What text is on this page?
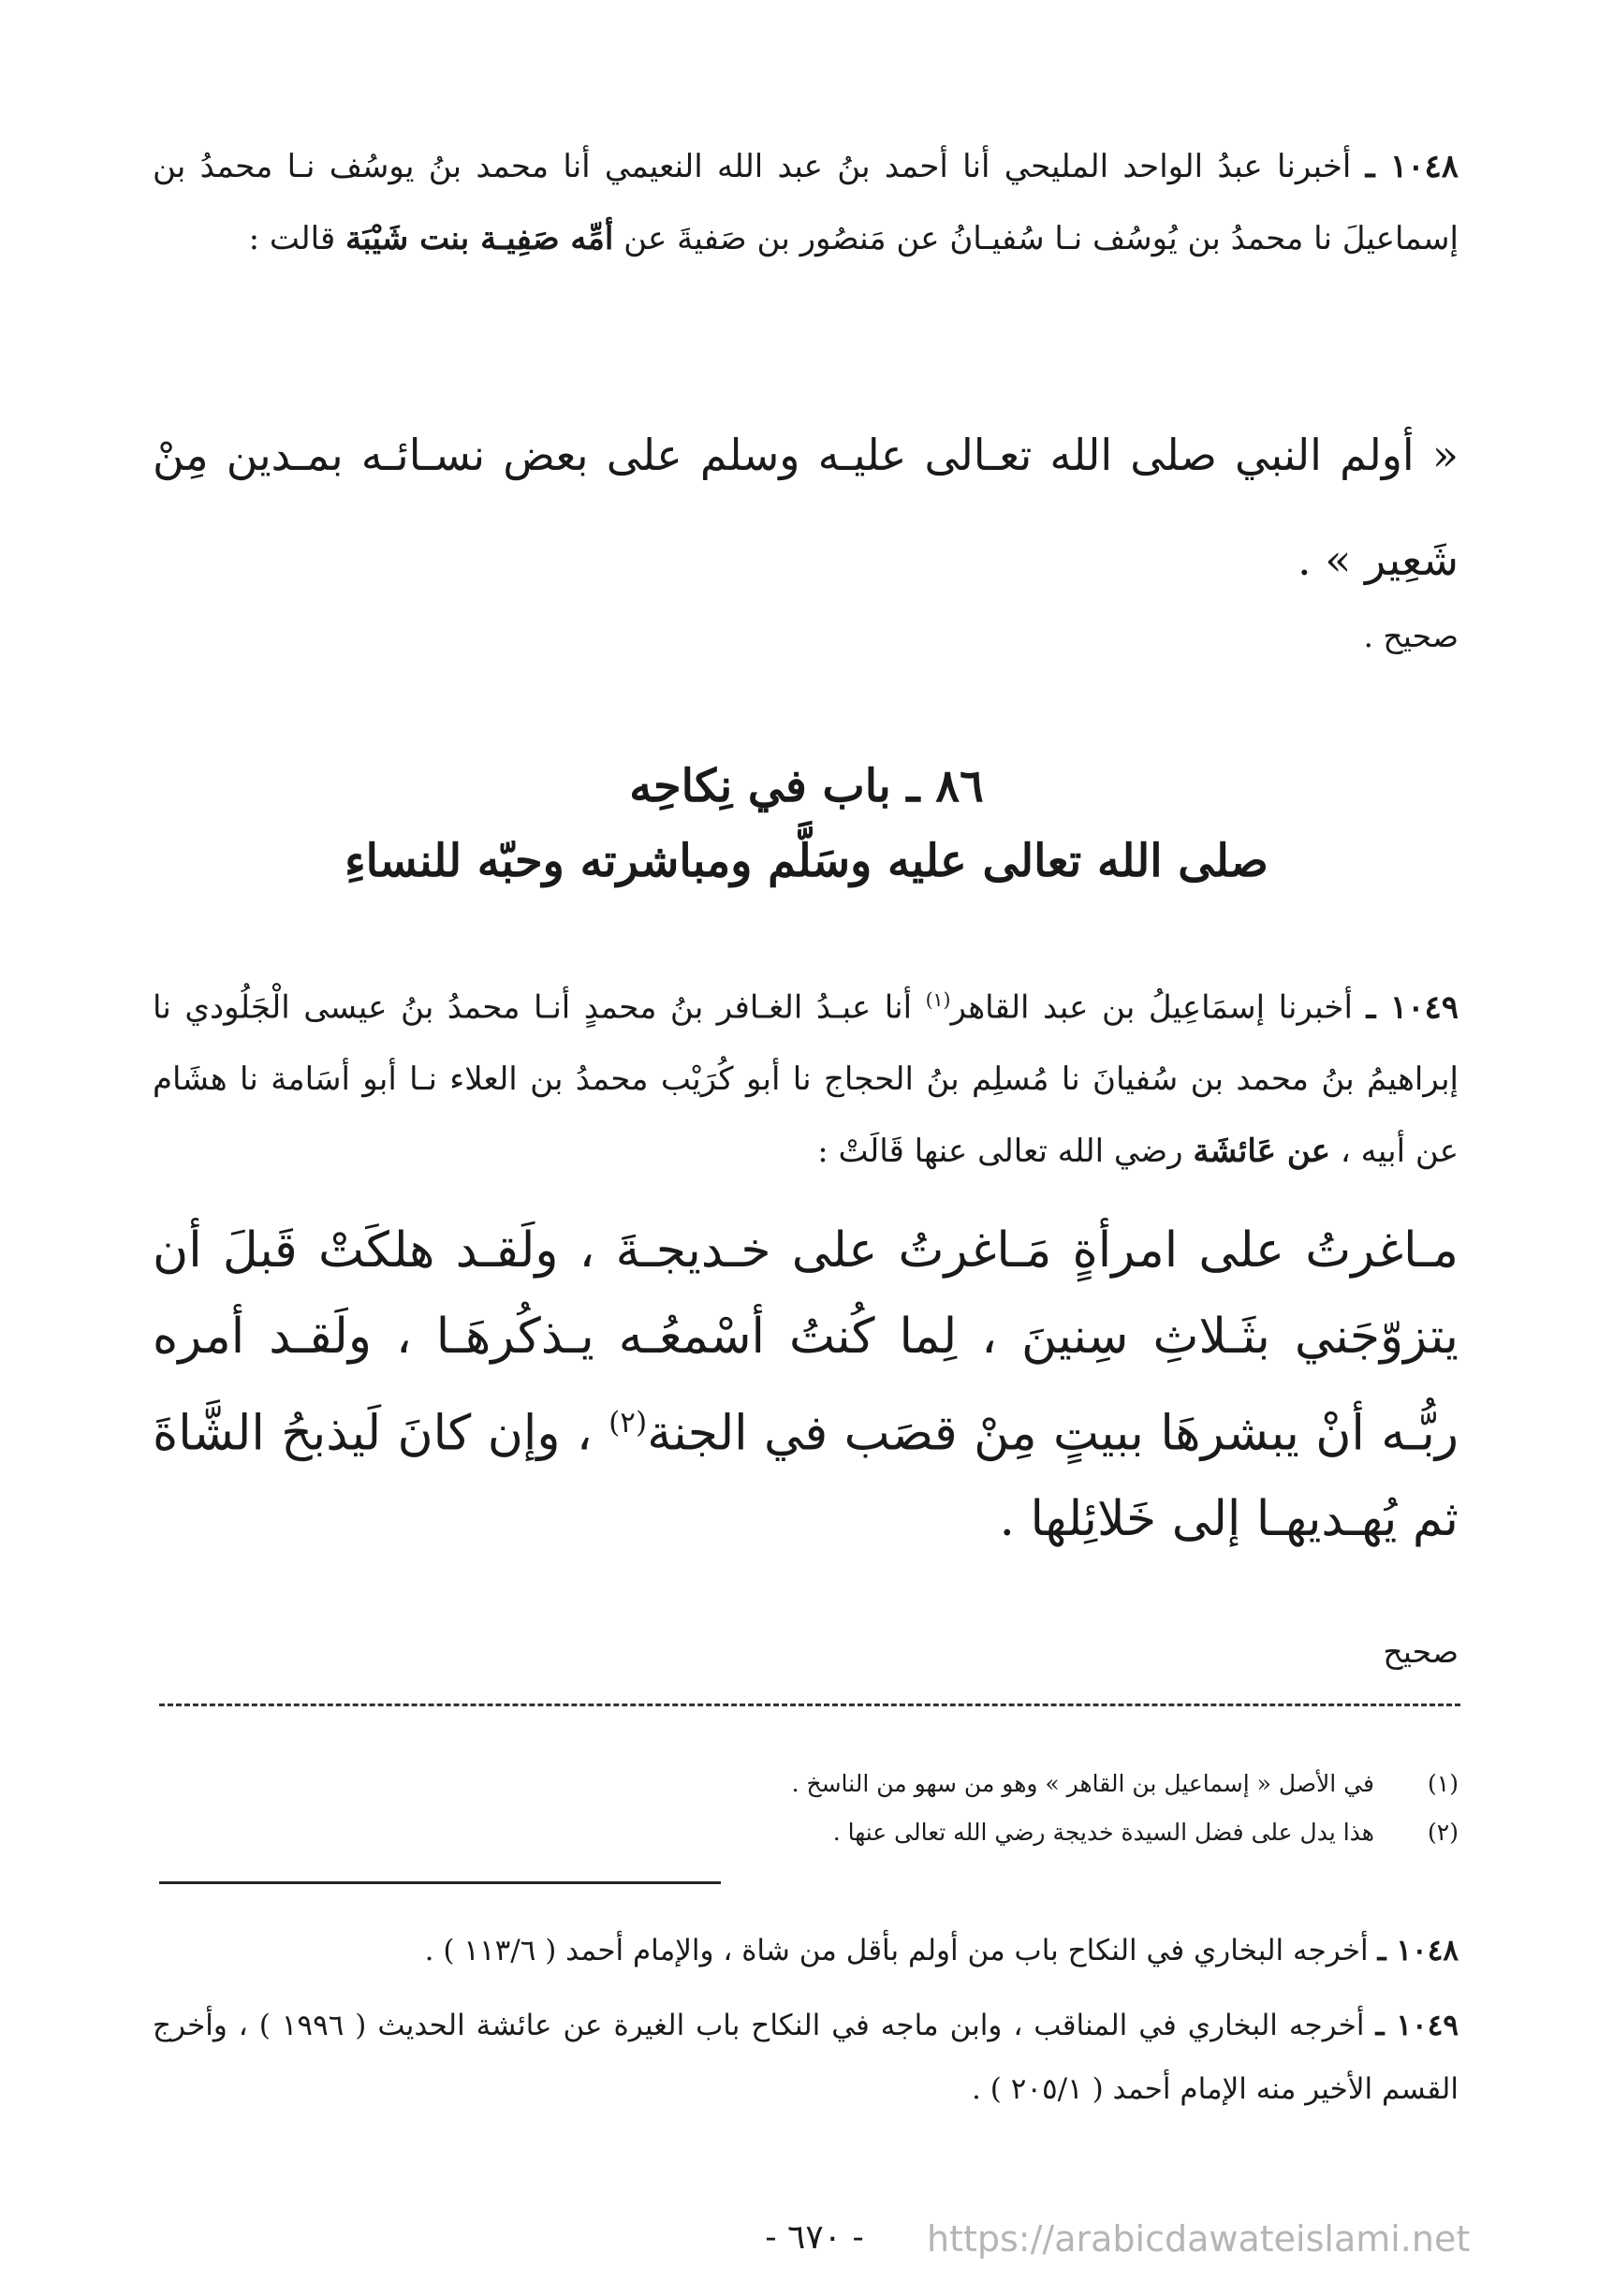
١٠٤٨ ـ أخبرنا عبدُ الواحد المليحي أنا أحمد بنُ عبد الله النعيمي أنا محمد بنُ يوسُف نـا محمدُ بن إسماعيلَ نا محمدُ بن يُوسُف نـا سُفيـانُ عن مَنصُور بن صَفيةَ عن أمِّه صَفِيـة بنت شَيْبَة قالت :

« أولم النبي صلى الله تعـالى عليـه وسلم على بعض نسـائـه بمـدين مِنْ شَعِير » .

صحيح .
٨٦ ـ باب في نِكاحِه
صلى الله تعالى عليه وسَلَّم ومباشرته وحبّه للنساءِ

١٠٤٩ ـ أخبرنا إسمَاعِيلُ بن عبد القاهر$^{(١)}$ أنا عبـدُ الغـافر بنُ محمدٍ أنـا محمدُ بنُ عيسى الْجَلُودي نا إبراهيمُ بنُ محمد بن سُفيانَ نا مُسلِم بنُ الحجاج نا أبو كُرَيْب محمدُ بن العلاء نـا أبو أسَامة نا هشَام عن أبيه ، عن عَائشَة رضي الله تعالى عنها قَالَتْ :

مـاغرتُ على امرأةٍ مَـاغرتُ على خـديجـةَ ، ولَقـد هلكَتْ قَبلَ أن يتزوّجَني بثَـلاثِ سِنينَ ، لِما كُنتُ أسْمعُـه يـذكُرهَـا ، ولَقـد أمره ربُّـه أنْ يبشرهَا ببيتٍ مِنْ قصَب في الجنة$^{(٢)}$ ، وإن كانَ لَيذبحُ الشَّاةَ ثم يُهـديهـا إلى خَلائِلها .

صحيح
(١)
في الأصل « إسماعيل بن القاهر » وهو من سهو من الناسخ .
(٢)
هذا يدل على فضل السيدة خديجة رضي الله تعالى عنها .

١٠٤٨ ـ أخرجه البخاري في النكاح باب من أولم بأقل من شاة ، والإمام أحمد ( ١١٣/٦ ) .

١٠٤٩ ـ أخرجه البخاري في المناقب ، وابن ماجه في النكاح باب الغيرة عن عائشة الحديث ( ١٩٩٦ ) ، وأخرج القسم الأخير منه الإمام أحمد ( ٢٠٥/١ ) .

- ٦٧٠ -	https://arabicdawateislami.net
